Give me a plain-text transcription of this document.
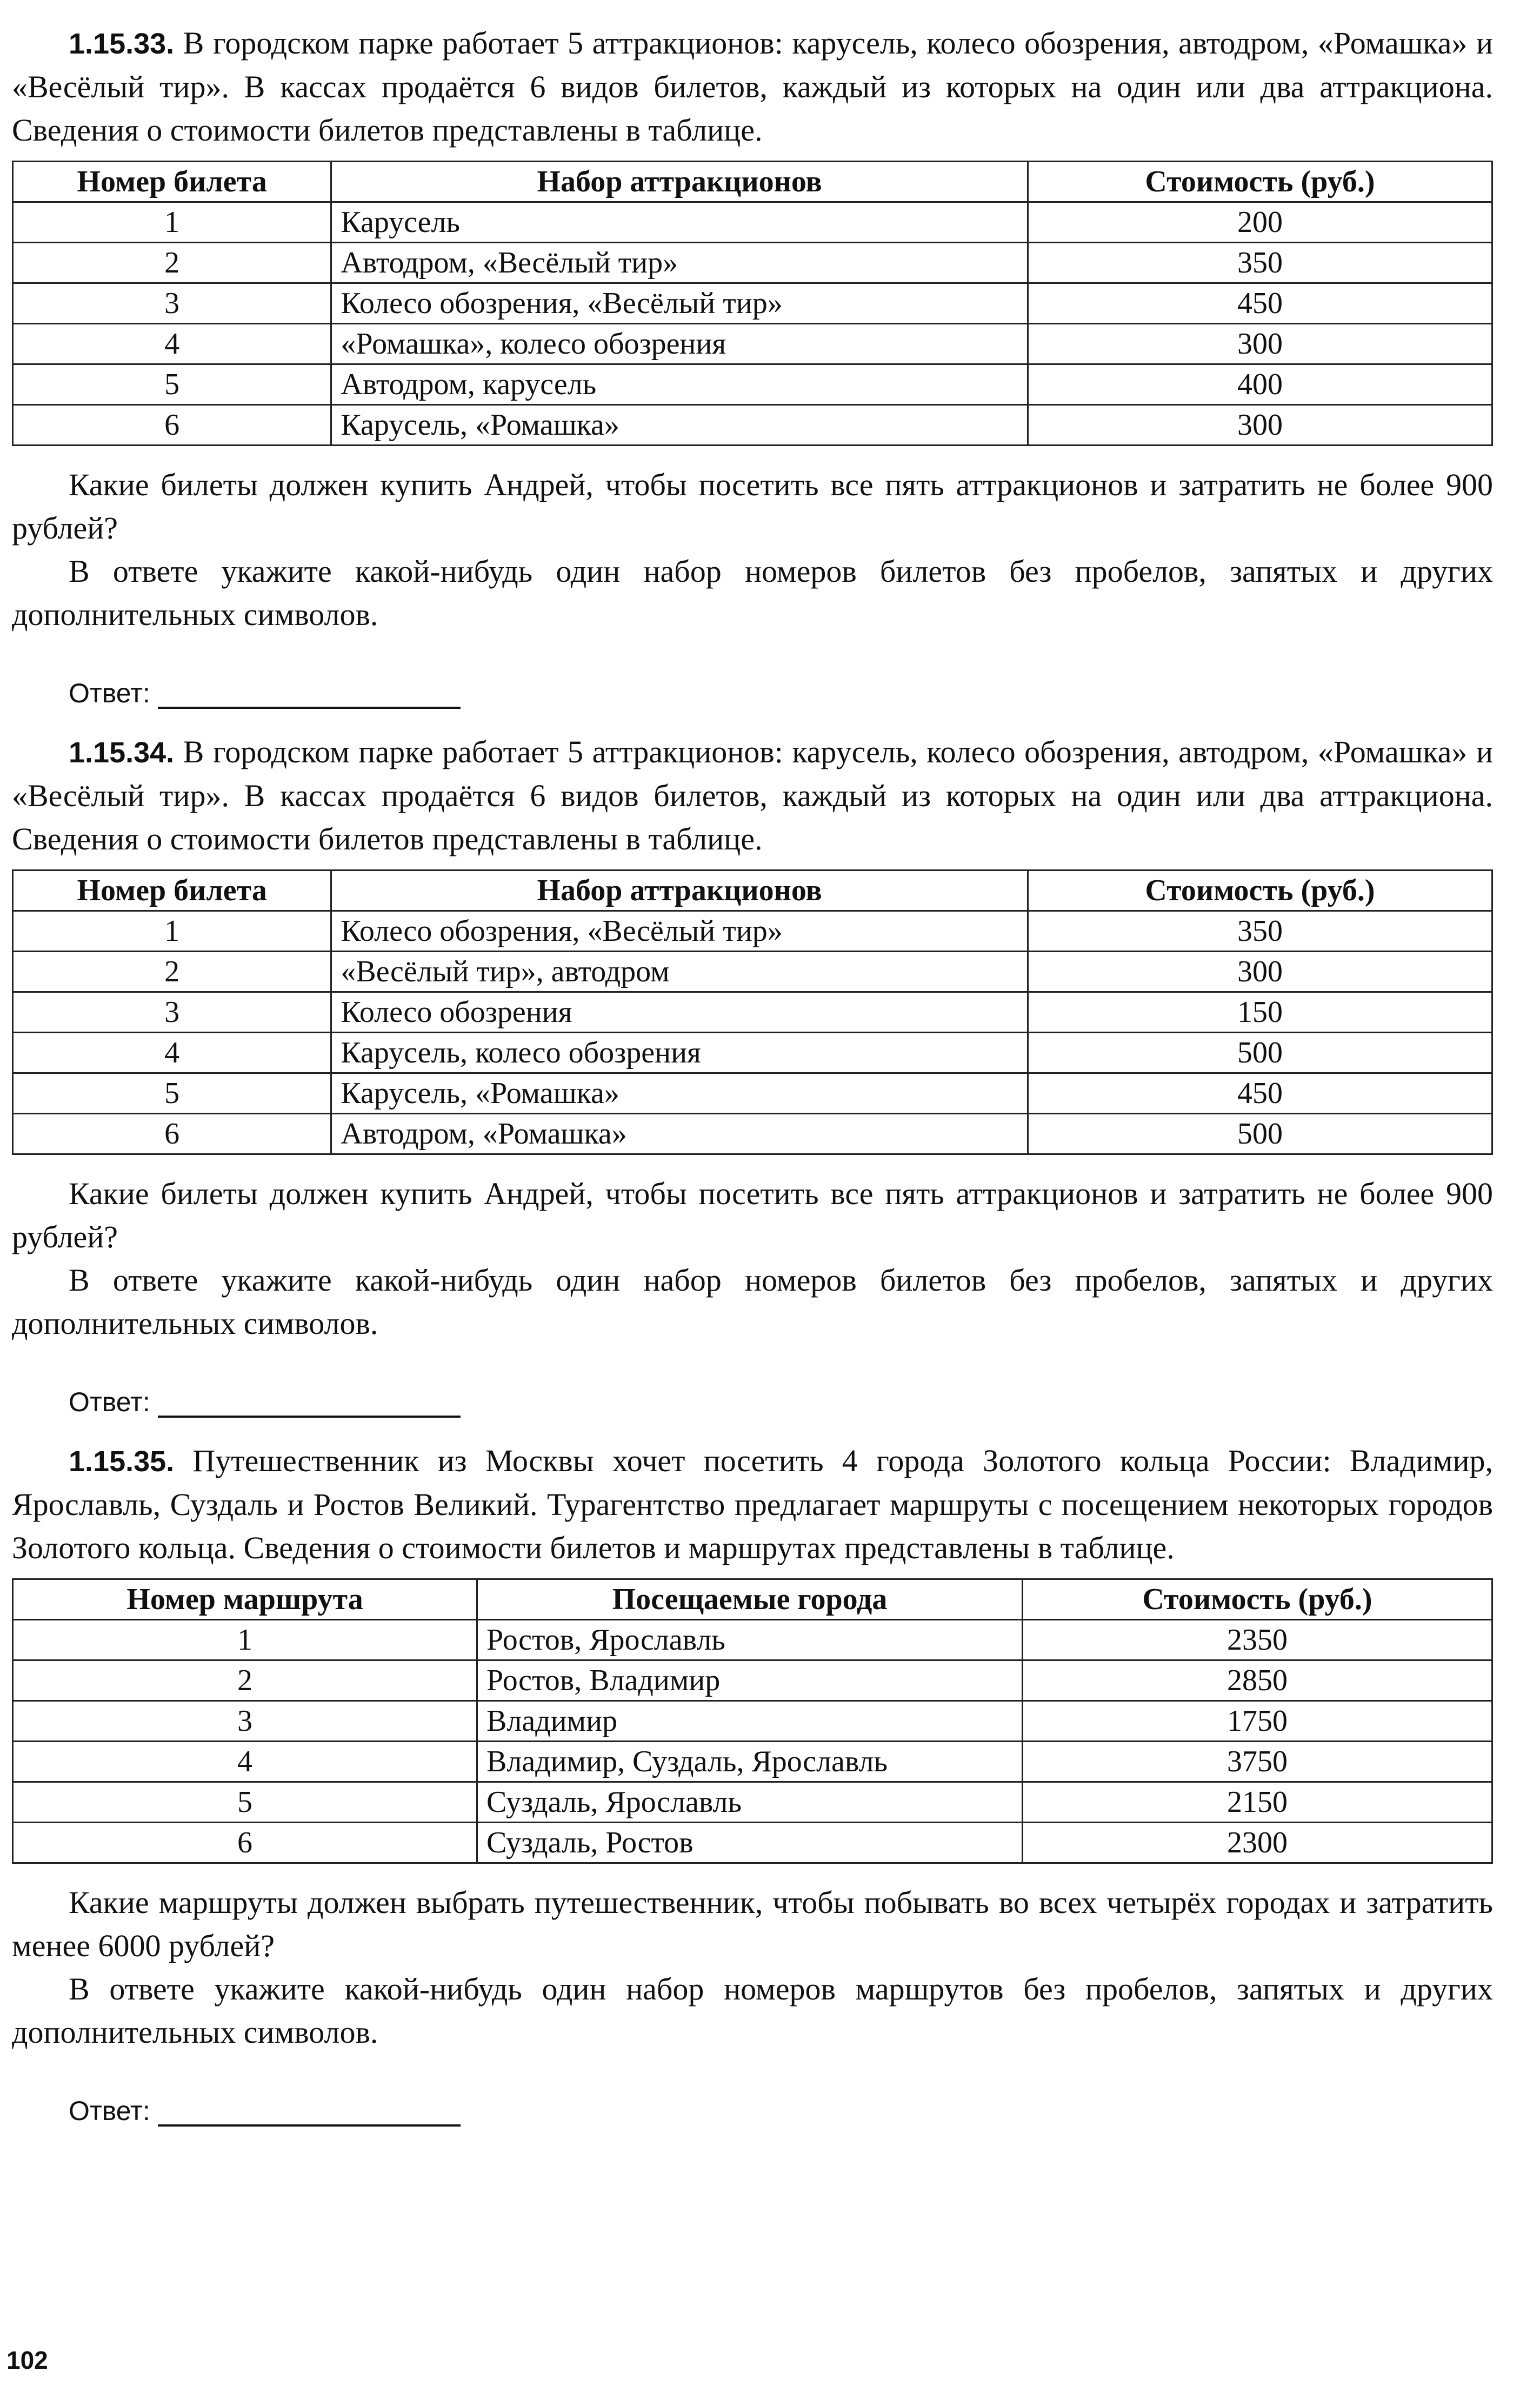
1.15.33. В городском парке работает 5 аттракционов: карусель, колесо обозрения, автодром, «Ромашка» и «Весёлый тир». В кассах продаётся 6 видов билетов, каждый из которых на один или два аттракциона. Сведения о стоимости билетов представлены в таблице.

Номер билета	Набор аттракционов	Стоимость (руб.)
1	Карусель	200
2	Автодром, «Весёлый тир»	350
3	Колесо обозрения, «Весёлый тир»	450
4	«Ромашка», колесо обозрения	300
5	Автодром, карусель	400
6	Карусель, «Ромашка»	300

Какие билеты должен купить Андрей, чтобы посетить все пять аттракционов и затратить не более 900 рублей?

В ответе укажите какой-нибудь один набор номеров билетов без пробелов, запятых и других дополнительных символов.

Ответ:

1.15.34. В городском парке работает 5 аттракционов: карусель, колесо обозрения, автодром, «Ромашка» и «Весёлый тир». В кассах продаётся 6 видов билетов, каждый из которых на один или два аттракциона. Сведения о стоимости билетов представлены в таблице.

Номер билета	Набор аттракционов	Стоимость (руб.)
1	Колесо обозрения, «Весёлый тир»	350
2	«Весёлый тир», автодром	300
3	Колесо обозрения	150
4	Карусель, колесо обозрения	500
5	Карусель, «Ромашка»	450
6	Автодром, «Ромашка»	500

Какие билеты должен купить Андрей, чтобы посетить все пять аттракционов и затратить не более 900 рублей?

В ответе укажите какой-нибудь один набор номеров билетов без пробелов, запятых и других дополнительных символов.

Ответ:

1.15.35. Путешественник из Москвы хочет посетить 4 города Золотого кольца России: Владимир, Ярославль, Суздаль и Ростов Великий. Турагентство предлагает маршруты с посещением некоторых городов Золотого кольца. Сведения о стоимости билетов и маршрутах представлены в таблице.

Номер маршрута	Посещаемые города	Стоимость (руб.)
1	Ростов, Ярославль	2350
2	Ростов, Владимир	2850
3	Владимир	1750
4	Владимир, Суздаль, Ярославль	3750
5	Суздаль, Ярославль	2150
6	Суздаль, Ростов	2300

Какие маршруты должен выбрать путешественник, чтобы побывать во всех четырёх городах и затратить менее 6000 рублей?

В ответе укажите какой-нибудь один набор номеров маршрутов без пробелов, запятых и других дополнительных символов.

Ответ:
102
